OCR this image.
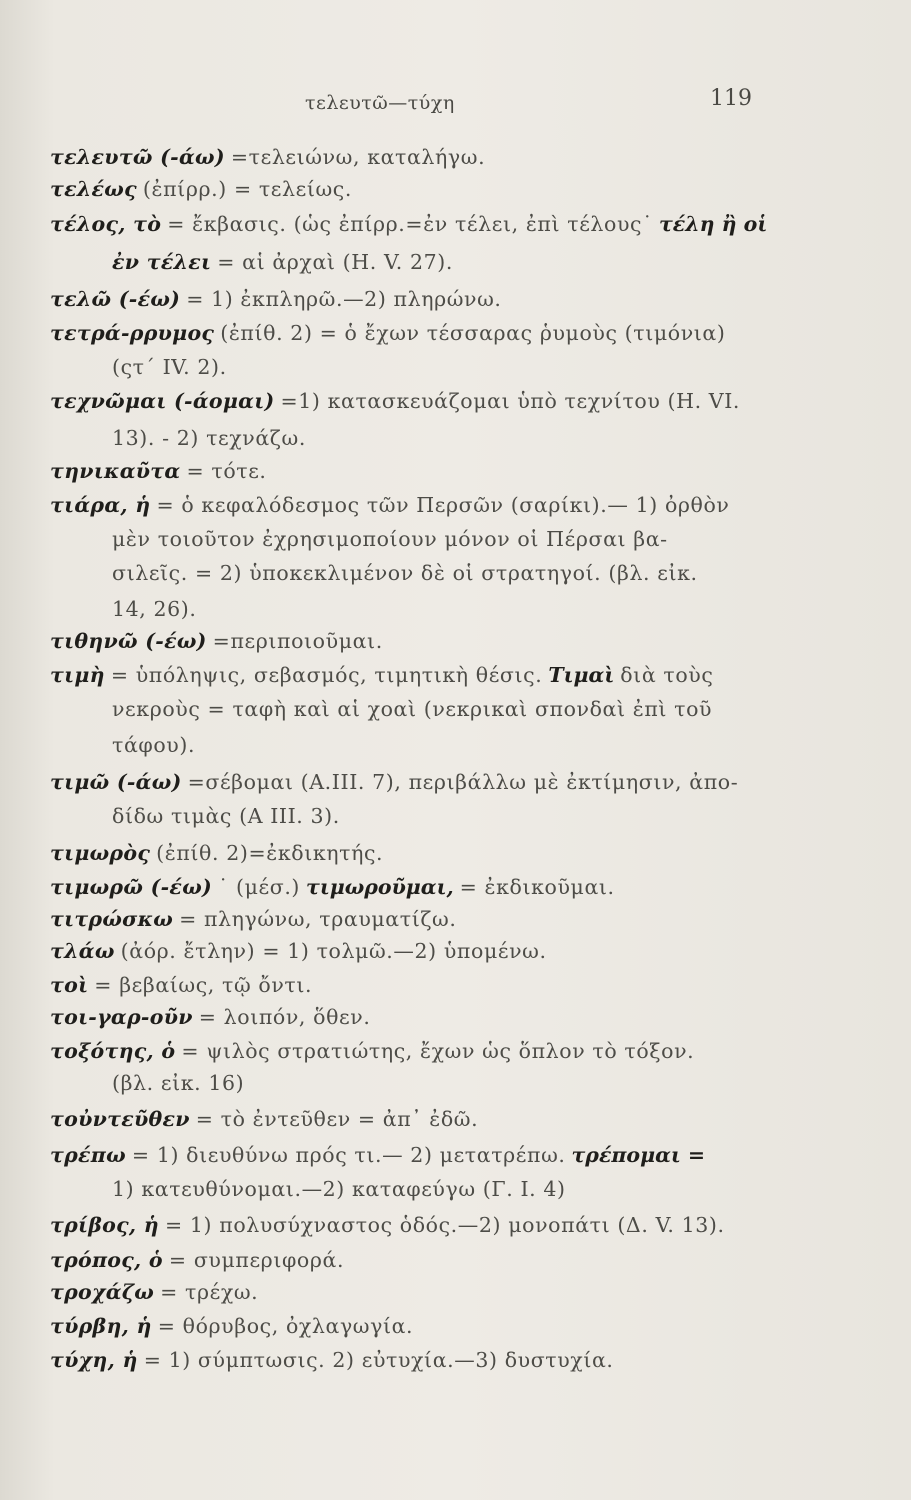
τελευτῶ—τύχη	119
τελευτῶ (-άω) =τελειώνω, καταλήγω.
τελέως (ἐπίρρ.) = τελείως.
τέλος, τὸ = ἔκβασις. (ὡς ἐπίρρ.=ἐν τέλει, ἐπὶ τέλους˙ τέλη ἢ οἱ
ἐν τέλει = αἱ ἀρχαὶ (Η. V. 27).
τελῶ (-έω) = 1) ἐκπληρῶ.—2) πληρώνω.
τετρά-ρρυμος (ἐπίθ. 2) = ὁ ἔχων τέσσαρας ῥυμοὺς (τιμόνια)
(ςτ΄ IV. 2).
τεχνῶμαι (-άομαι) =1) κατασκευάζομαι ὑπὸ τεχνίτου (Η. VI.
13). - 2) τεχνάζω.
τηνικαῦτα = τότε.
τιάρα, ἡ = ὁ κεφαλόδεσμος τῶν Περσῶν (σαρίκι).— 1) ὀρθὸν
μὲν τοιοῦτον ἐχρησιμοποίουν μόνον οἱ Πέρσαι βα-
σιλεῖς. = 2) ὑποκεκλιμένον δὲ οἱ στρατηγοί. (βλ. εἰκ.
14, 26).
τιθηνῶ (-έω) =περιποιοῦμαι.
τιμὴ = ὑπόληψις, σεβασμός, τιμητικὴ θέσις. Τιμαὶ διὰ τοὺς
νεκροὺς = ταφὴ καὶ αἱ χοαὶ (νεκρικαὶ σπονδαὶ ἐπὶ τοῦ
τάφου).
τιμῶ (-άω) =σέβομαι (Α.ΙΙΙ. 7), περιβάλλω μὲ ἐκτίμησιν, ἀπο-
δίδω τιμὰς (Α ΙΙΙ. 3).
τιμωρὸς (ἐπίθ. 2)=ἐκδικητής.
τιμωρῶ (-έω) ˙ (μέσ.) τιμωροῦμαι, = ἐκδικοῦμαι.
τιτρώσκω = πληγώνω, τραυματίζω.
τλάω (ἀόρ. ἔτλην) = 1) τολμῶ.—2) ὑπομένω.
τοὶ = βεβαίως, τῷ ὄντι.
τοι-γαρ-οῦν = λοιπόν, ὅθεν.
τοξότης, ὁ = ψιλὸς στρατιώτης, ἔχων ὡς ὅπλον τὸ τόξον.
(βλ. εἰκ. 16)
τοὐντεῦθεν = τὸ ἐντεῦθεν = ἀπ᾽ ἐδῶ.
τρέπω = 1) διευθύνω πρός τι.— 2) μετατρέπω. τρέπομαι =
1) κατευθύνομαι.—2) καταφεύγω (Γ. Ι. 4)
τρίβος, ἡ = 1) πολυσύχναστος ὁδός.—2) μονοπάτι (Δ. V. 13).
τρόπος, ὁ = συμπεριφορά.
τροχάζω = τρέχω.
τύρβη, ἡ = θόρυβος, ὀχλαγωγία.
τύχη, ἡ = 1) σύμπτωσις. 2) εὐτυχία.—3) δυστυχία.
